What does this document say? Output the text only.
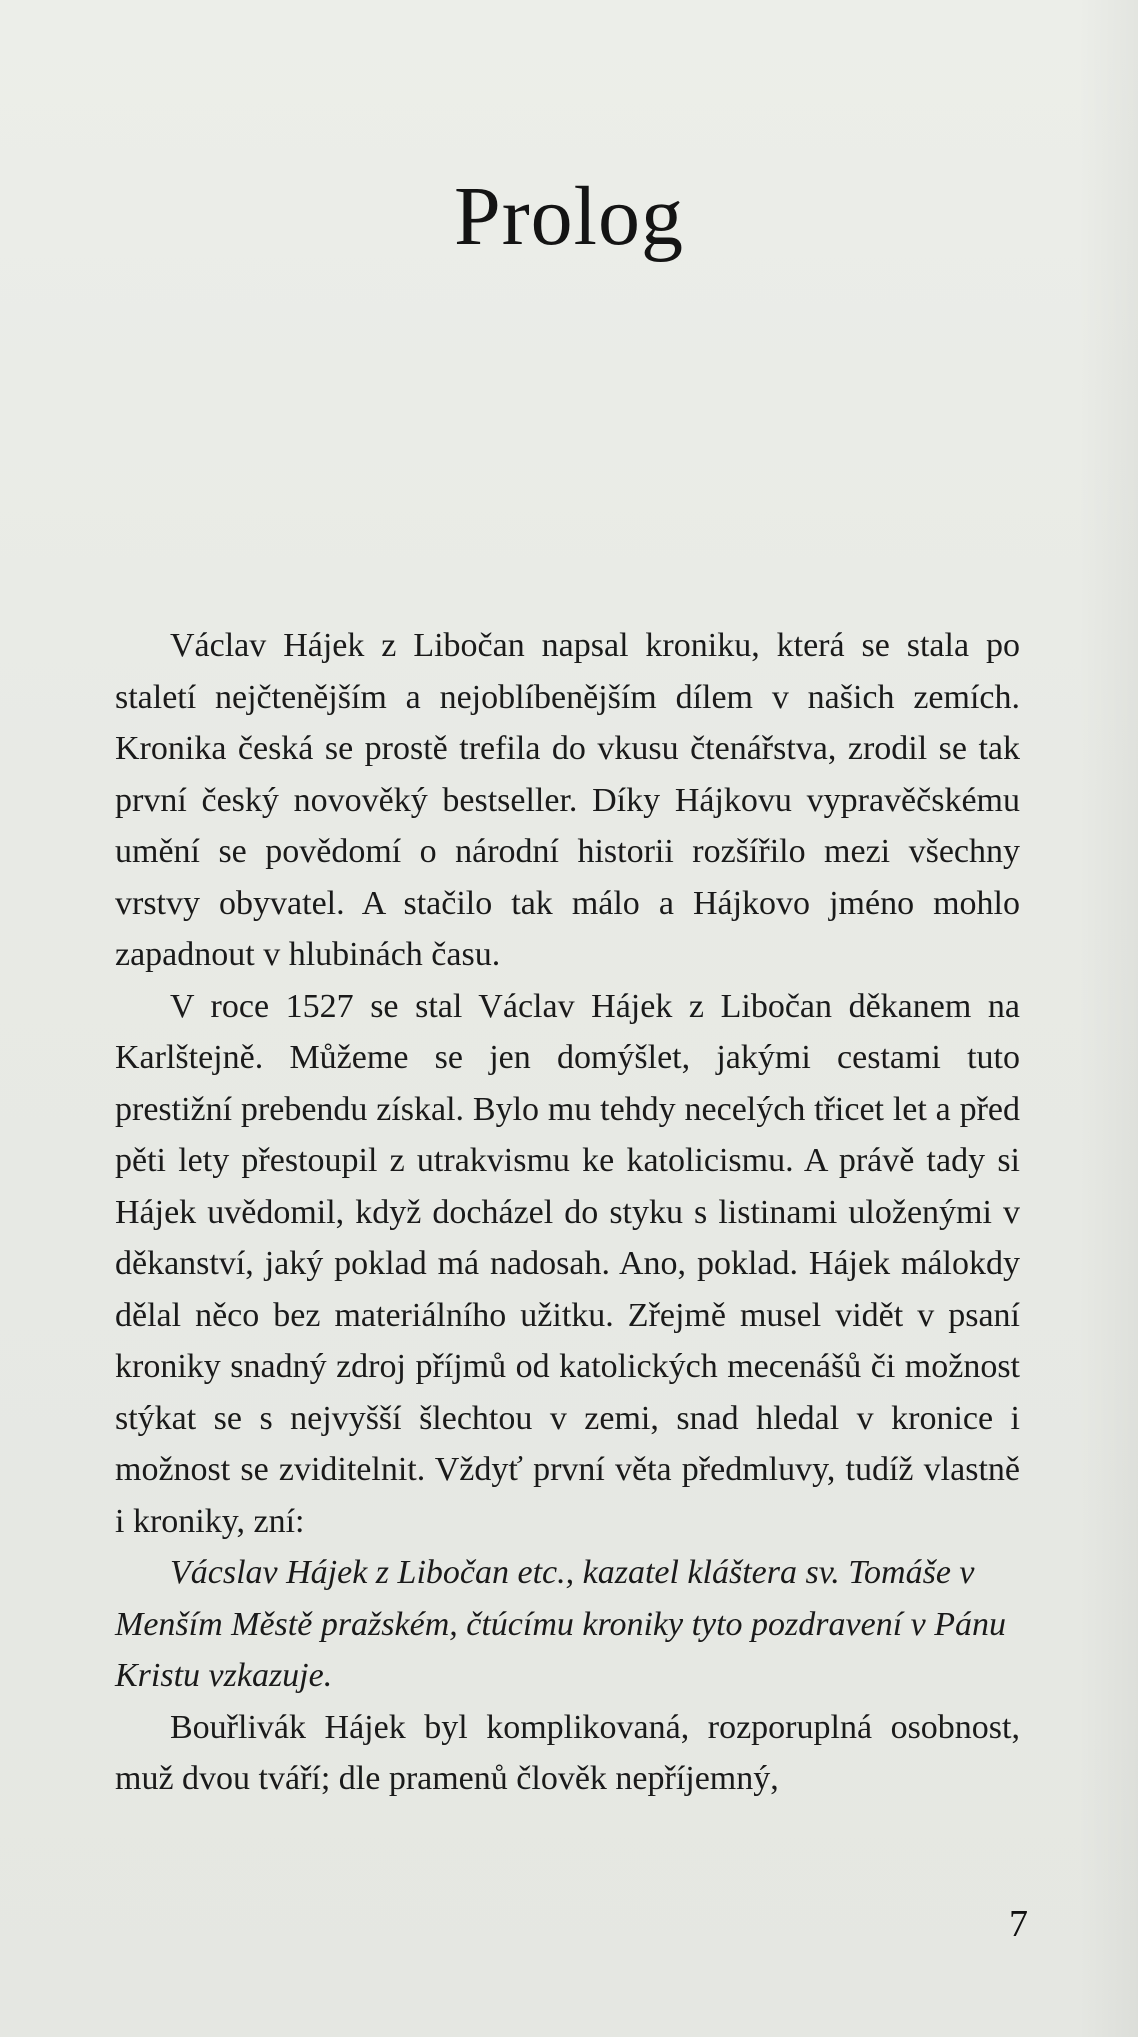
Prolog

Václav Hájek z Libočan napsal kroniku, která se stala po staletí nejčtenějším a nejoblíbenějším dílem v našich zemích. Kronika česká se prostě trefila do vkusu čtenářstva, zrodil se tak první český novověký bestseller. Díky Hájkovu vypravěčskému umění se povědomí o národní historii rozšířilo mezi všechny vrstvy obyvatel. A stačilo tak málo a Hájkovo jméno mohlo zapadnout v hlubinách času.

V roce 1527 se stal Václav Hájek z Libočan děkanem na Karlštejně. Můžeme se jen domýšlet, jakými cestami tuto prestižní prebendu získal. Bylo mu tehdy necelých třicet let a před pěti lety přestoupil z utrakvismu ke katolicismu. A právě tady si Hájek uvědomil, když docházel do styku s listinami uloženými v děkanství, jaký poklad má nadosah. Ano, poklad. Hájek málokdy dělal něco bez materiálního užitku. Zřejmě musel vidět v psaní kroniky snadný zdroj příjmů od katolických mecenášů či možnost stýkat se s nejvyšší šlechtou v zemi, snad hledal v kronice i možnost se zviditelnit. Vždyť první věta předmluvy, tudíž vlastně i kroniky, zní:

Vácslav Hájek z Libočan etc., kazatel kláštera sv. Tomáše v Menším Městě pražském, čtúcímu kroniky tyto pozdravení v Pánu Kristu vzkazuje.

Bouřlivák Hájek byl komplikovaná, rozporuplná osobnost, muž dvou tváří; dle pramenů člověk nepříjemný,

7
